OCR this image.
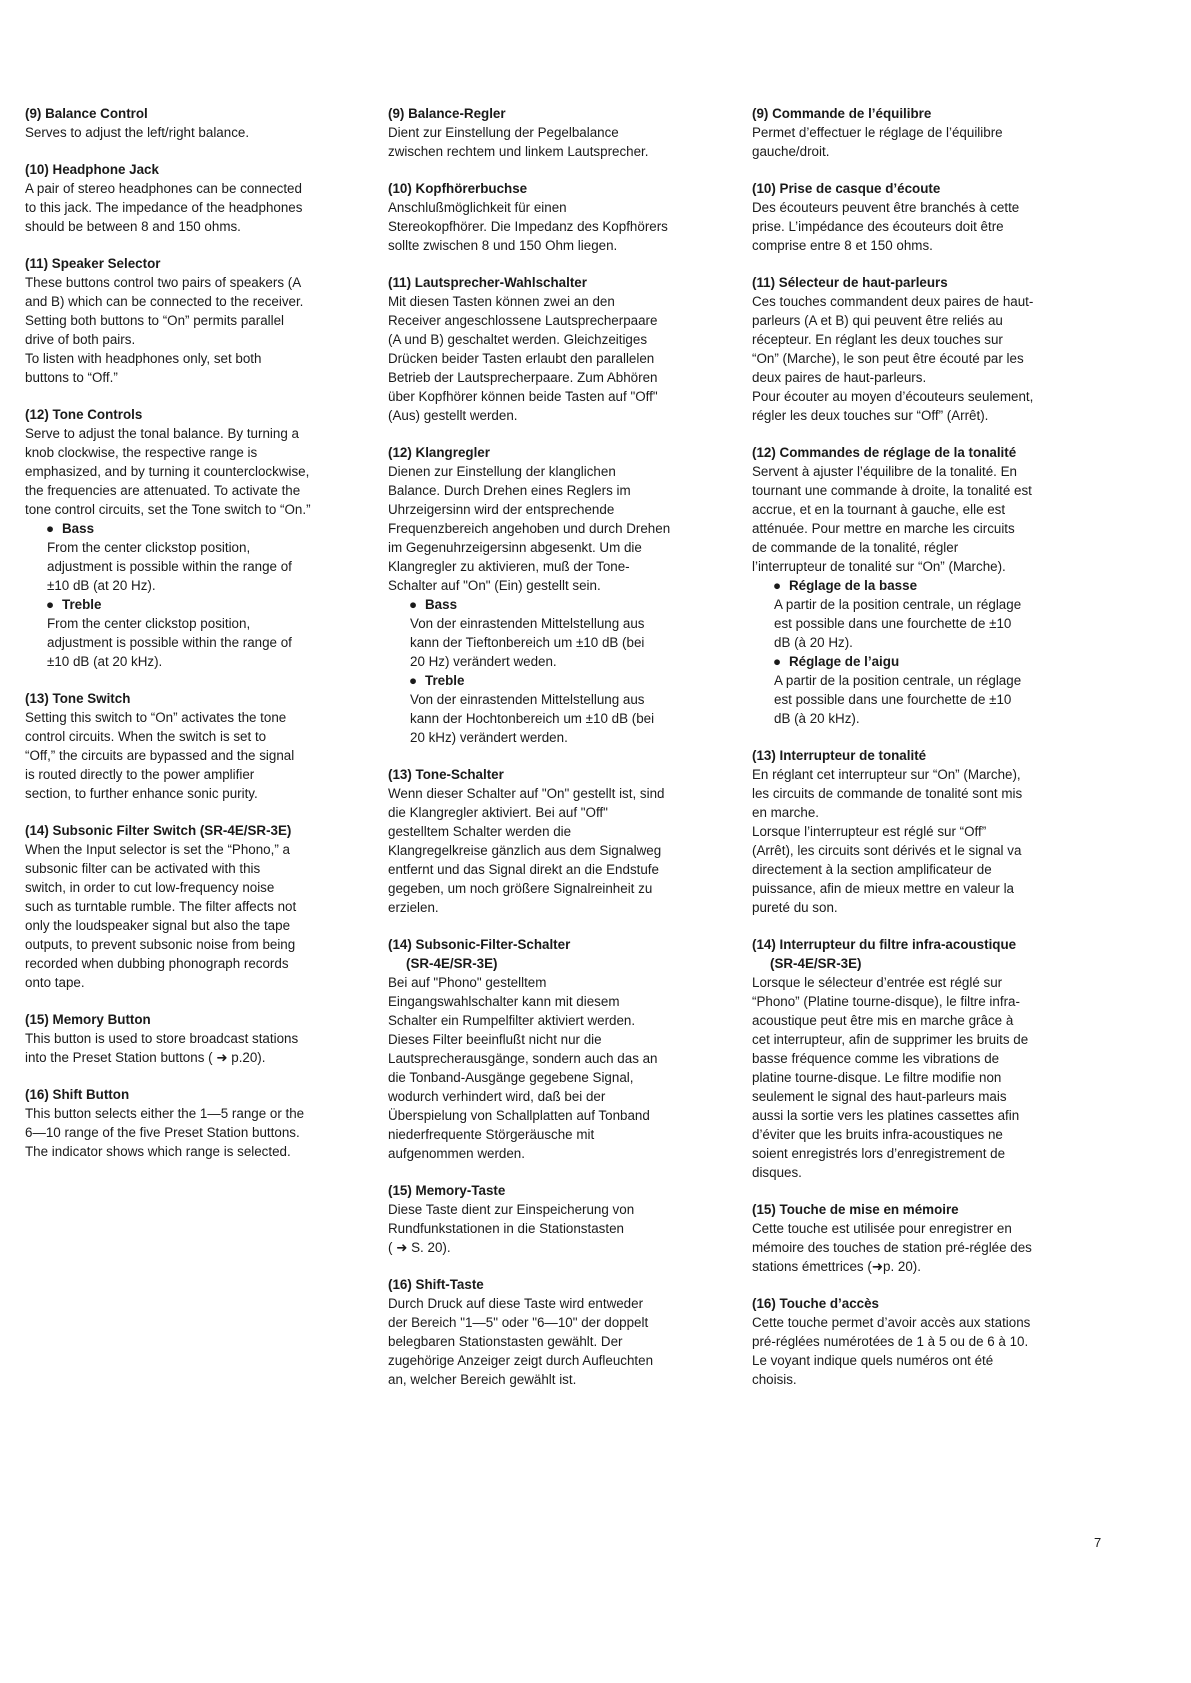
(9) Balance Control
Serves to adjust the left/right balance.
(10) Headphone Jack
A pair of stereo headphones can be connected
to this jack. The impedance of the headphones
should be between 8 and 150 ohms.
(11) Speaker Selector
These buttons control two pairs of speakers (A
and B) which can be connected to the receiver.
Setting both buttons to “On” permits parallel
drive of both pairs.
To listen with headphones only, set both
buttons to “Off.”
(12) Tone Controls
Serve to adjust the tonal balance. By turning a
knob clockwise, the respective range is
emphasized, and by turning it counterclockwise,
the frequencies are attenuated. To activate the
tone control circuits, set the Tone switch to “On.”
● Bass
From the center clickstop position,
adjustment is possible within the range of
±10 dB (at 20 Hz).
● Treble
From the center clickstop position,
adjustment is possible within the range of
±10 dB (at 20 kHz).
(13) Tone Switch
Setting this switch to “On” activates the tone
control circuits. When the switch is set to
“Off,” the circuits are bypassed and the signal
is routed directly to the power amplifier
section, to further enhance sonic purity.
(14) Subsonic Filter Switch (SR-4E/SR-3E)
When the Input selector is set the “Phono,” a
subsonic filter can be activated with this
switch, in order to cut low-frequency noise
such as turntable rumble. The filter affects not
only the loudspeaker signal but also the tape
outputs, to prevent subsonic noise from being
recorded when dubbing phonograph records
onto tape.
(15) Memory Button
This button is used to store broadcast stations
into the Preset Station buttons ( ➜ p.20).
(16) Shift Button
This button selects either the 1—5 range or the
6—10 range of the five Preset Station buttons.
The indicator shows which range is selected.
(9) Balance-Regler
Dient zur Einstellung der Pegelbalance
zwischen rechtem und linkem Lautsprecher.
(10) Kopfhörerbuchse
Anschlußmöglichkeit für einen
Stereokopfhörer. Die Impedanz des Kopfhörers
sollte zwischen 8 und 150 Ohm liegen.
(11) Lautsprecher-Wahlschalter
Mit diesen Tasten können zwei an den
Receiver angeschlossene Lautsprecherpaare
(A und B) geschaltet werden. Gleichzeitiges
Drücken beider Tasten erlaubt den parallelen
Betrieb der Lautsprecherpaare. Zum Abhören
über Kopfhörer können beide Tasten auf "Off"
(Aus) gestellt werden.
(12) Klangregler
Dienen zur Einstellung der klanglichen
Balance. Durch Drehen eines Reglers im
Uhrzeigersinn wird der entsprechende
Frequenzbereich angehoben und durch Drehen
im Gegenuhrzeigersinn abgesenkt. Um die
Klangregler zu aktivieren, muß der Tone-
Schalter auf "On" (Ein) gestellt sein.
● Bass
Von der einrastenden Mittelstellung aus
kann der Tieftonbereich um ±10 dB (bei
20 Hz) verändert weden.
● Treble
Von der einrastenden Mittelstellung aus
kann der Hochtonbereich um ±10 dB (bei
20 kHz) verändert werden.
(13) Tone-Schalter
Wenn dieser Schalter auf "On" gestellt ist, sind
die Klangregler aktiviert. Bei auf "Off"
gestelltem Schalter werden die
Klangregelkreise gänzlich aus dem Signalweg
entfernt und das Signal direkt an die Endstufe
gegeben, um noch größere Signalreinheit zu
erzielen.
(14) Subsonic-Filter-Schalter
(SR-4E/SR-3E)
Bei auf "Phono" gestelltem
Eingangswahlschalter kann mit diesem
Schalter ein Rumpelfilter aktiviert werden.
Dieses Filter beeinflußt nicht nur die
Lautsprecherausgänge, sondern auch das an
die Tonband-Ausgänge gegebene Signal,
wodurch verhindert wird, daß bei der
Überspielung von Schallplatten auf Tonband
niederfrequente Störgeräusche mit
aufgenommen werden.
(15) Memory-Taste
Diese Taste dient zur Einspeicherung von
Rundfunkstationen in die Stationstasten
( ➜ S. 20).
(16) Shift-Taste
Durch Druck auf diese Taste wird entweder
der Bereich "1—5" oder "6—10" der doppelt
belegbaren Stationstasten gewählt. Der
zugehörige Anzeiger zeigt durch Aufleuchten
an, welcher Bereich gewählt ist.
(9) Commande de l’équilibre
Permet d’effectuer le réglage de l’équilibre
gauche/droit.
(10) Prise de casque d’écoute
Des écouteurs peuvent être branchés à cette
prise. L’impédance des écouteurs doit être
comprise entre 8 et 150 ohms.
(11) Sélecteur de haut-parleurs
Ces touches commandent deux paires de haut-
parleurs (A et B) qui peuvent être reliés au
récepteur. En réglant les deux touches sur
“On” (Marche), le son peut être écouté par les
deux paires de haut-parleurs.
Pour écouter au moyen d’écouteurs seulement,
régler les deux touches sur “Off” (Arrêt).
(12) Commandes de réglage de la tonalité
Servent à ajuster l’équilibre de la tonalité. En
tournant une commande à droite, la tonalité est
accrue, et en la tournant à gauche, elle est
atténuée. Pour mettre en marche les circuits
de commande de la tonalité, régler
l’interrupteur de tonalité sur “On” (Marche).
● Réglage de la basse
A partir de la position centrale, un réglage
est possible dans une fourchette de ±10
dB (à 20 Hz).
● Réglage de l’aigu
A partir de la position centrale, un réglage
est possible dans une fourchette de ±10
dB (à 20 kHz).
(13) Interrupteur de tonalité
En réglant cet interrupteur sur “On” (Marche),
les circuits de commande de tonalité sont mis
en marche.
Lorsque l’interrupteur est réglé sur “Off”
(Arrêt), les circuits sont dérivés et le signal va
directement à la section amplificateur de
puissance, afin de mieux mettre en valeur la
pureté du son.
(14) Interrupteur du filtre infra-acoustique
(SR-4E/SR-3E)
Lorsque le sélecteur d’entrée est réglé sur
“Phono” (Platine tourne-disque), le filtre infra-
acoustique peut être mis en marche grâce à
cet interrupteur, afin de supprimer les bruits de
basse fréquence comme les vibrations de
platine tourne-disque. Le filtre modifie non
seulement le signal des haut-parleurs mais
aussi la sortie vers les platines cassettes afin
d’éviter que les bruits infra-acoustiques ne
soient enregistrés lors d’enregistrement de
disques.
(15) Touche de mise en mémoire
Cette touche est utilisée pour enregistrer en
mémoire des touches de station pré-réglée des
stations émettrices (➜p. 20).
(16) Touche d’accès
Cette touche permet d’avoir accès aux stations
pré-réglées numérotées de 1 à 5 ou de 6 à 10.
Le voyant indique quels numéros ont été
choisis.
7
